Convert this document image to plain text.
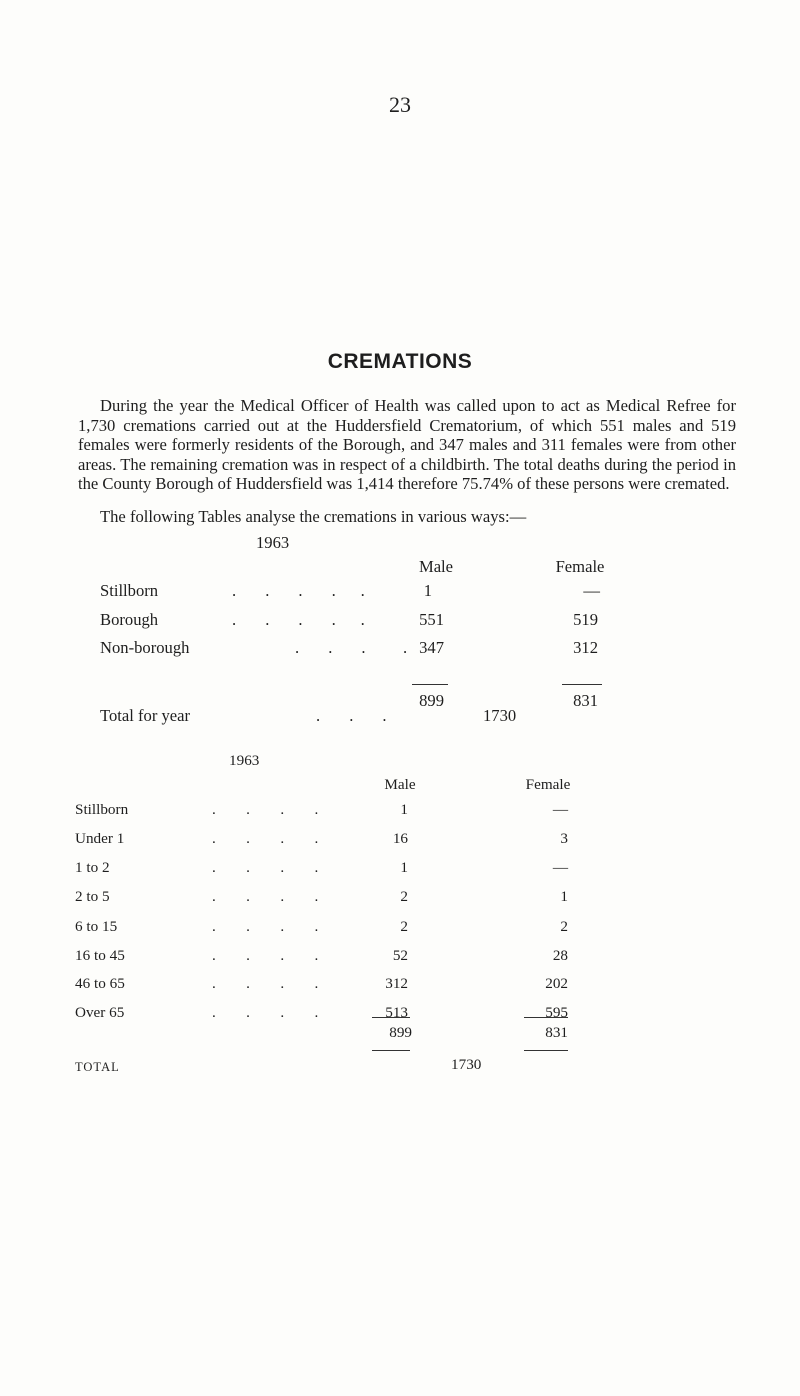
23
CREMATIONS
During the year the Medical Officer of Health was called upon to act as Medical Refree for 1,730 cremations carried out at the Huddersfield Crematorium, of which 551 males and 519 females were formerly residents of the Borough, and 347 males and 311 females were from other areas. The remaining cremation was in respect of a childbirth. The total deaths during the period in the County Borough of Huddersfield was 1,414 therefore 75.74% of these persons were cremated.
The following Tables analyse the cremations in various ways:—
1963
Male	Female
Stillborn	.       .       .       .      .	1	—
Borough	.       .       .       .      .	551	519
Non-borough	.       .       . . 347	312
899	831
Total for year	.       .       .	1730
1963
Male	Female
Stillborn	.        .        .        .	1	—
Under 1	.        .        .        .	16	3
1 to 2	.        .        .        .	1	—
2 to 5	.        .        .        .	2	1
6 to 15	.        .        .        .	2	2
16 to 45	.        .        .        .	52	28
46 to 65	.        .        .        .	312	202
Over 65	.        .        .        .	513	595
899	831
TOTAL	1730
